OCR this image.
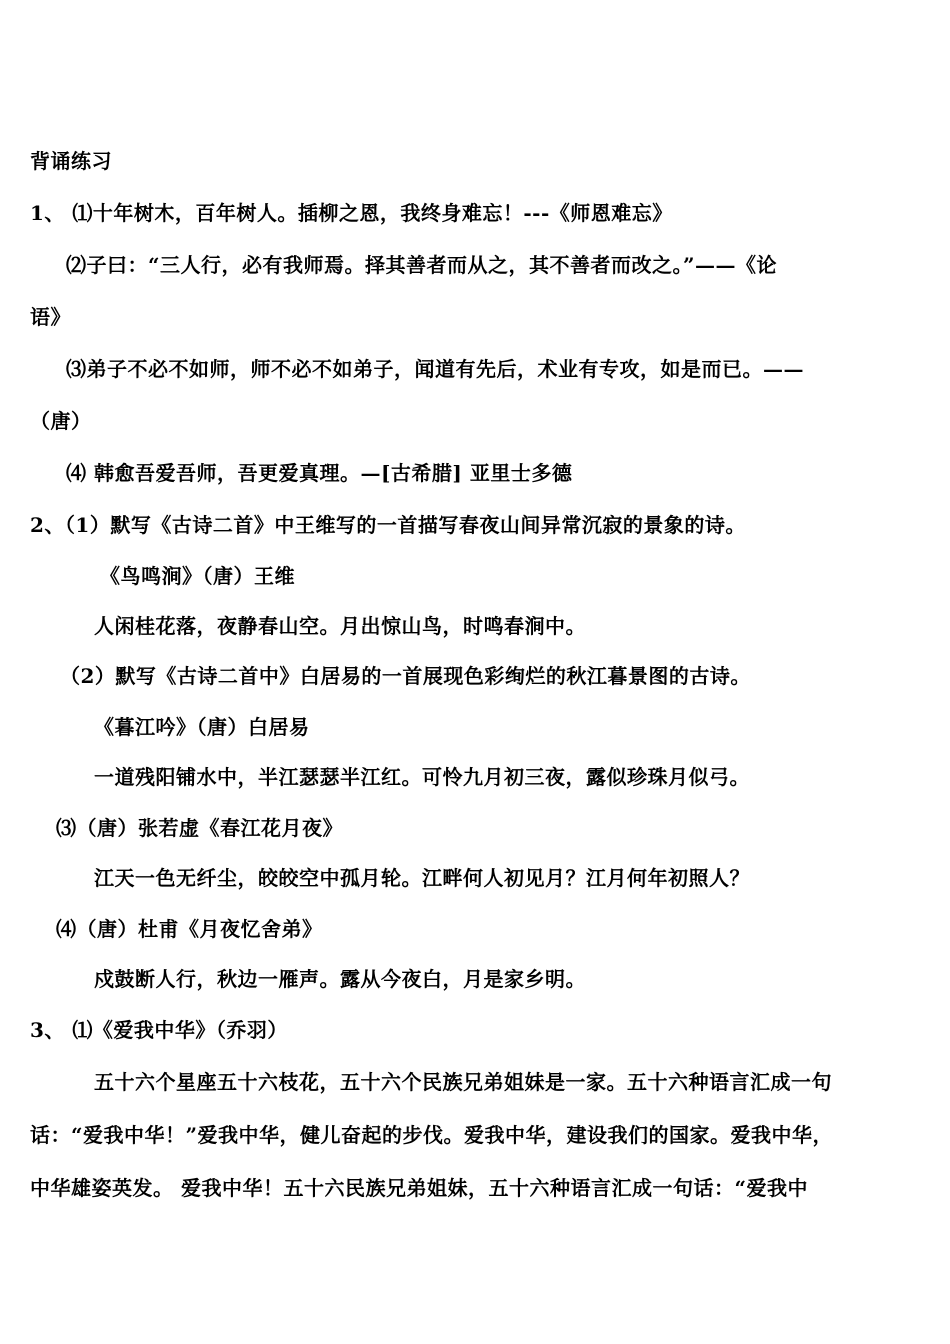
背诵练习
1、 ⑴十年树木，百年树人。插柳之恩，我终身难忘！---《师恩难忘》
⑵子曰：“三人行，必有我师焉。择其善者而从之，其不善者而改之。”——《论
语》
⑶弟子不必不如师，师不必不如弟子，闻道有先后，术业有专攻，如是而已。——
（唐）
⑷ 韩愈吾爱吾师，吾更爱真理。—[古希腊] 亚里士多德
2、（1）默写《古诗二首》中王维写的一首描写春夜山间异常沉寂的景象的诗。
《鸟鸣涧》（唐）王维
人闲桂花落，夜静春山空。月出惊山鸟，时鸣春涧中。
（2）默写《古诗二首中》白居易的一首展现色彩绚烂的秋江暮景图的古诗。
《暮江吟》（唐）白居易
一道残阳铺水中，半江瑟瑟半江红。可怜九月初三夜，露似珍珠月似弓。
⑶（唐）张若虚《春江花月夜》
江天一色无纤尘，皎皎空中孤月轮。江畔何人初见月？江月何年初照人？
⑷（唐）杜甫《月夜忆舍弟》
戍鼓断人行，秋边一雁声。露从今夜白，月是家乡明。
3、 ⑴《爱我中华》（乔羽）
五十六个星座五十六枝花，五十六个民族兄弟姐妹是一家。五十六种语言汇成一句
话：“爱我中华！”爱我中华，健儿奋起的步伐。爱我中华，建设我们的国家。爱我中华，
中华雄姿英发。 爱我中华！五十六民族兄弟姐妹，五十六种语言汇成一句话：“爱我中
